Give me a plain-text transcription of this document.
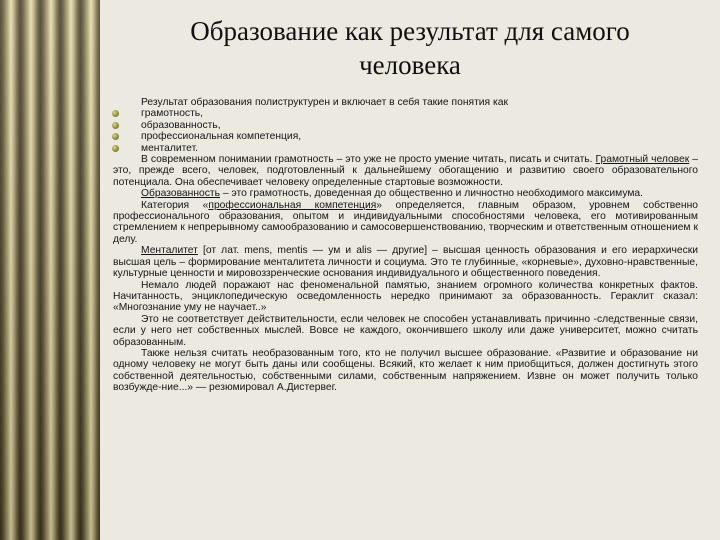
Образование как результат для самого
человека

Результат образования полиструктурен и включает в себя такие понятия как

грамотность,
образованность,
профессиональная компетенция,
менталитет.

В современном понимании грамотность – это уже не просто умение читать, писать и считать. Грамотный человек – это, прежде всего, человек, подготовленный к дальнейшему обогащению и развитию своего образовательного потенциала. Она обеспечивает человеку определенные стартовые возможности.

Образованность – это грамотность, доведенная до общественно и личностно необходимого максимума.

Категория «профессиональная компетенция» определяется, главным образом, уровнем собственно профессионального образования, опытом и индивидуальными способностями человека, его мотивированным стремлением к непрерывному самообразованию и самосовершенствованию, творческим и ответственным отношением к делу.

Менталитет [от лат. mens, mentis — ум и alis — другие] – высшая ценность образования и его иерархически высшая цель – формирование менталитета личности и социума. Это те глубинные, «корневые», духовно-нравственные, культурные ценности и мировоззренческие основания индивидуального и общественного поведения.

Немало людей поражают нас феноменальной памятью, знанием огромного количества конкретных фактов. Начитанность, энциклопедическую осведомленность нередко принимают за образованность. Гераклит сказал: «Многознание уму не научает..»

Это не соответствует действительности, если человек не способен устанавливать причинно -следственные связи, если у него нет собственных мыслей. Вовсе не каждого, окончившего школу или даже университет, можно считать образованным.

Также нельзя считать необразованным того, кто не получил высшее образование. «Развитие и образование ни одному человеку не могут быть даны или сообщены. Всякий, кто желает к ним приобщиться, должен достигнуть этого собственной деятельностью, собственными силами, собственным напряжением. Извне он может получить только возбужде-ние...» — резюмировал А.Дистервег.
